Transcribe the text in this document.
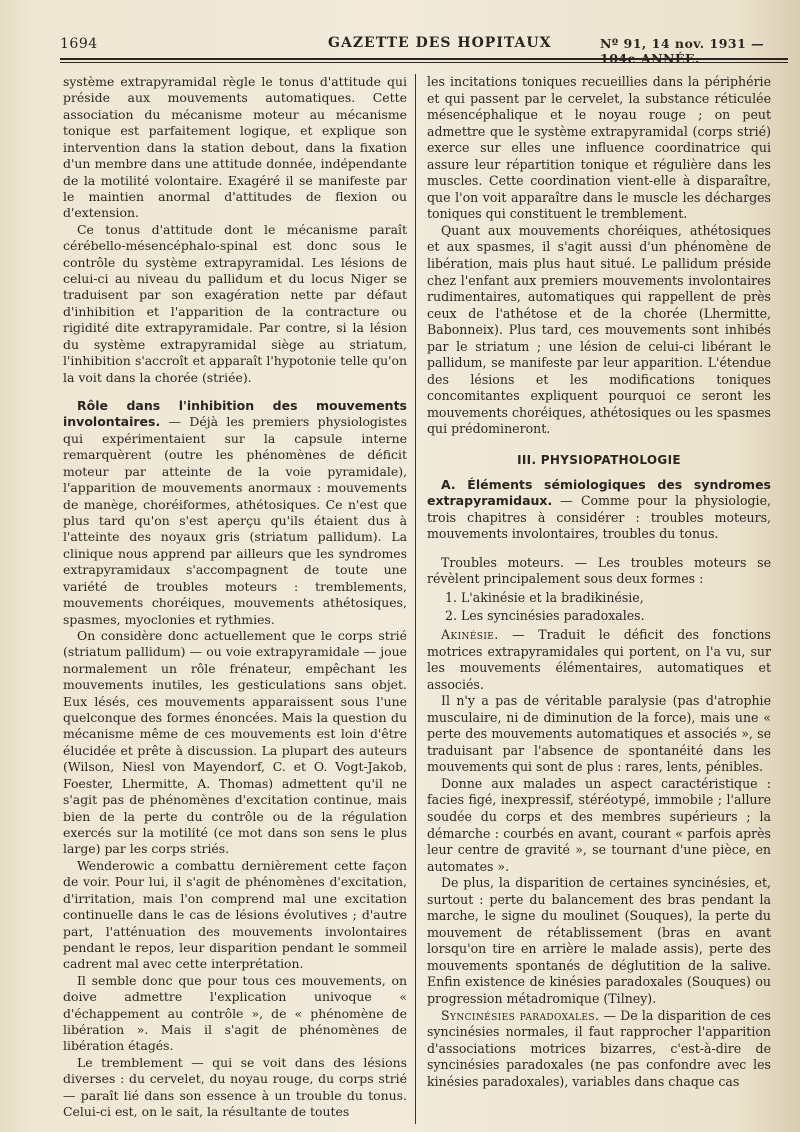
1694	GAZETTE DES HOPITAUX	Nº 91, 14 nov. 1931 — 104e ANNÉE.

système extrapyramidal règle le tonus d'attitude qui préside aux mouvements automatiques. Cette association du mécanisme moteur au mécanisme tonique est parfaitement logique, et explique son intervention dans la station debout, dans la fixation d'un membre dans une attitude donnée, indépendante de la motilité volontaire. Exagéré il se manifeste par le maintien anormal d'attitudes de flexion ou d'extension.

Ce tonus d'attitude dont le mécanisme paraît cérébello-mésencéphalo-spinal est donc sous le contrôle du système extrapyramidal. Les lésions de celui-ci au niveau du pallidum et du locus Niger se traduisent par son exagération nette par défaut d'inhibition et l'apparition de la contracture ou rigidité dite extrapyramidale. Par contre, si la lésion du système extrapyramidal siège au striatum, l'inhibition s'accroît et apparaît l'hypotonie telle qu'on la voit dans la chorée (striée).

Rôle dans l'inhibition des mouvements involontaires. — Déjà les premiers physiologistes qui expérimentaient sur la capsule interne remarquèrent (outre les phénomènes de déficit moteur par atteinte de la voie pyramidale), l'apparition de mouvements anormaux : mouvements de manège, choréiformes, athétosiques. Ce n'est que plus tard qu'on s'est aperçu qu'ils étaient dus à l'atteinte des noyaux gris (striatum pallidum). La clinique nous apprend par ailleurs que les syndromes extrapyramidaux s'accompagnent de toute une variété de troubles moteurs : tremblements, mouvements choréiques, mouvements athétosiques, spasmes, myoclonies et rythmies.

On considère donc actuellement que le corps strié (striatum pallidum) — ou voie extrapyramidale — joue normalement un rôle frénateur, empêchant les mouvements inutiles, les gesticulations sans objet. Eux lésés, ces mouvements apparaissent sous l'une quelconque des formes énoncées. Mais la question du mécanisme même de ces mouvements est loin d'être élucidée et prête à discussion. La plupart des auteurs (Wilson, Niesl von Mayendorf, C. et O. Vogt-Jakob, Foester, Lhermitte, A. Thomas) admettent qu'il ne s'agit pas de phénomènes d'excitation continue, mais bien de la perte du contrôle ou de la régulation exercés sur la motilité (ce mot dans son sens le plus large) par les corps striés.

Wenderowic a combattu dernièrement cette façon de voir. Pour lui, il s'agit de phénomènes d'excitation, d'irritation, mais l'on comprend mal une excitation continuelle dans le cas de lésions évolutives ; d'autre part, l'atténuation des mouvements involontaires pendant le repos, leur disparition pendant le sommeil cadrent mal avec cette interprétation.

Il semble donc que pour tous ces mouvements, on doive admettre l'explication univoque « d'échappement au contrôle », de « phénomène de libération ». Mais il s'agit de phénomènes de libération étagés.

Le tremblement — qui se voit dans des lésions diverses : du cervelet, du noyau rouge, du corps strié — paraît lié dans son essence à un trouble du tonus. Celui-ci est, on le sait, la résultante de toutes

les incitations toniques recueillies dans la périphérie et qui passent par le cervelet, la substance réticulée mésencéphalique et le noyau rouge ; on peut admettre que le système extrapyramidal (corps strié) exerce sur elles une influence coordinatrice qui assure leur répartition tonique et régulière dans les muscles. Cette coordination vient-elle à disparaître, que l'on voit apparaître dans le muscle les décharges toniques qui constituent le tremblement.

Quant aux mouvements choréiques, athétosiques et aux spasmes, il s'agit aussi d'un phénomène de libération, mais plus haut situé. Le pallidum préside chez l'enfant aux premiers mouvements involontaires rudimentaires, automatiques qui rappellent de près ceux de l'athétose et de la chorée (Lhermitte, Babonneix). Plus tard, ces mouvements sont inhibés par le striatum ; une lésion de celui-ci libérant le pallidum, se manifeste par leur apparition. L'étendue des lésions et les modifications toniques concomitantes expliquent pourquoi ce seront les mouvements choréiques, athétosiques ou les spasmes qui prédomineront.

III. PHYSIOPATHOLOGIE

A. Éléments sémiologiques des syndromes extrapyramidaux. — Comme pour la physiologie, trois chapitres à considérer : troubles moteurs, mouvements involontaires, troubles du tonus.

Troubles moteurs. — Les troubles moteurs se révèlent principalement sous deux formes :

1. L'akinésie et la bradikinésie,

2. Les syncinésies paradoxales.

Akinésie. — Traduit le déficit des fonctions motrices extrapyramidales qui portent, on l'a vu, sur les mouvements élémentaires, automatiques et associés.

Il n'y a pas de véritable paralysie (pas d'atrophie musculaire, ni de diminution de la force), mais une « perte des mouvements automatiques et associés », se traduisant par l'absence de spontanéité dans les mouvements qui sont de plus : rares, lents, pénibles.

Donne aux malades un aspect caractéristique : facies figé, inexpressif, stéréotypé, immobile ; l'allure soudée du corps et des membres supérieurs ; la démarche : courbés en avant, courant « parfois après leur centre de gravité », se tournant d'une pièce, en automates ».

De plus, la disparition de certaines syncinésies, et, surtout : perte du balancement des bras pendant la marche, le signe du moulinet (Souques), la perte du mouvement de rétablissement (bras en avant lorsqu'on tire en arrière le malade assis), perte des mouvements spontanés de déglutition de la salive. Enfin existence de kinésies paradoxales (Souques) ou progression métadromique (Tilney).

Syncinésies paradoxales. — De la disparition de ces syncinésies normales, il faut rapprocher l'apparition d'associations motrices bizarres, c'est-à-dire de syncinésies paradoxales (ne pas confondre avec les kinésies paradoxales), variables dans chaque cas
